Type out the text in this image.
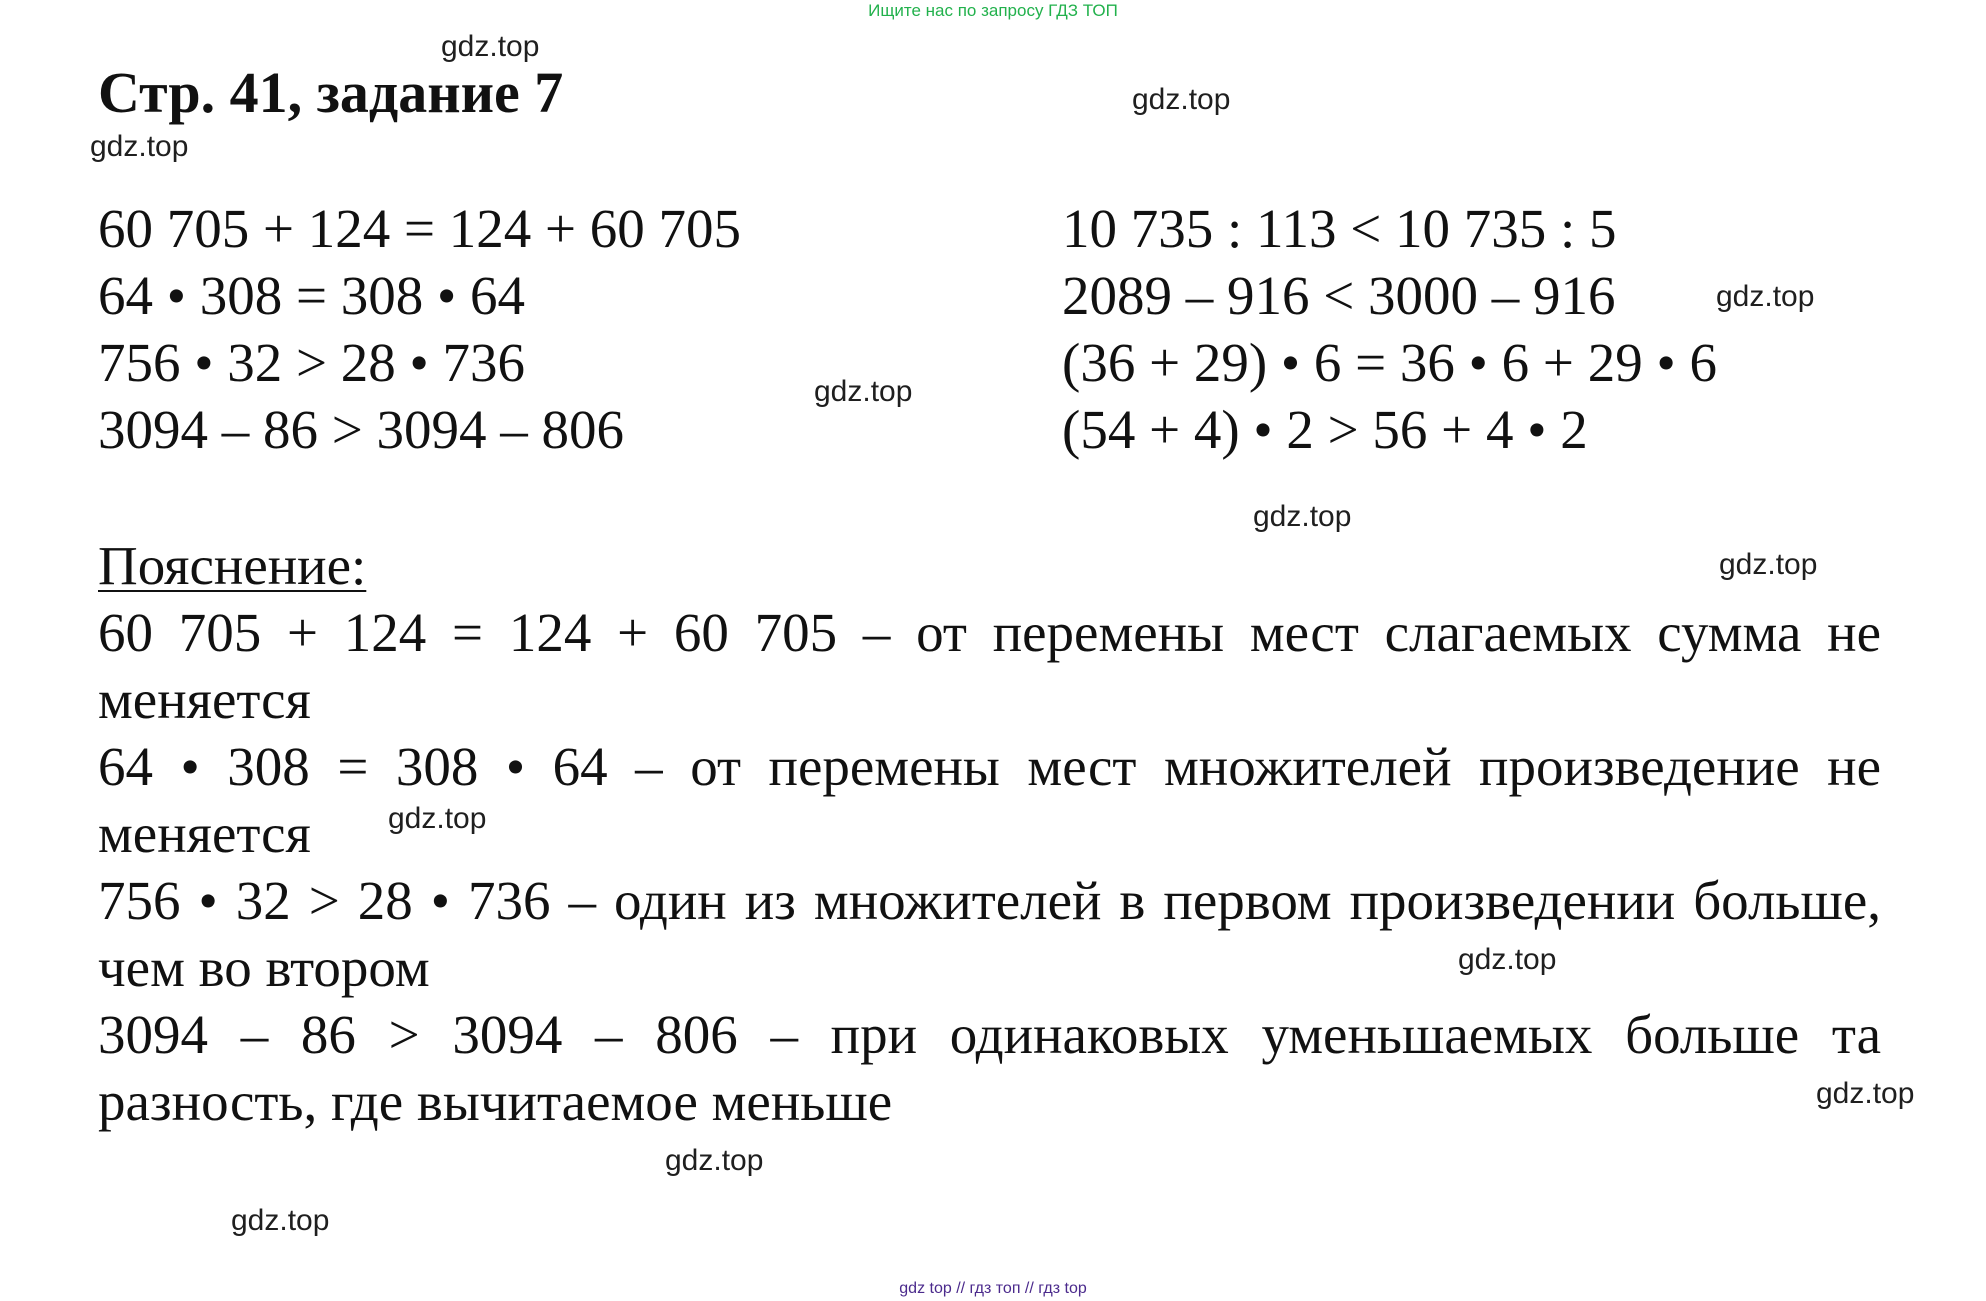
Ищите нас по запросу ГДЗ ТОП
Стр. 41, задание 7
60 705 + 124 = 124 + 60 705
64 • 308 = 308 • 64
756 • 32 > 28 • 736
3094 – 86 > 3094 – 806
10 735 : 113 < 10 735 : 5
2089 – 916 < 3000 – 916
(36 + 29) • 6 = 36 • 6 + 29 • 6
(54 + 4) • 2 > 56 + 4 • 2
Пояснение:
60 705 + 124 = 124 + 60 705 – от перемены мест слагаемых сумма не меняется
64 • 308 = 308 • 64 – от перемены мест множителей произведение не меняется
756 • 32 > 28 • 736 – один из множителей в первом произведении больше, чем во втором
3094 – 86 > 3094 – 806 – при одинаковых уменьшаемых больше та разность, где вычитаемое меньше
gdz.top
gdz.top
gdz.top
gdz.top
gdz.top
gdz.top
gdz.top
gdz.top
gdz.top
gdz.top
gdz.top
gdz.top
gdz top // гдз топ // гдз top
